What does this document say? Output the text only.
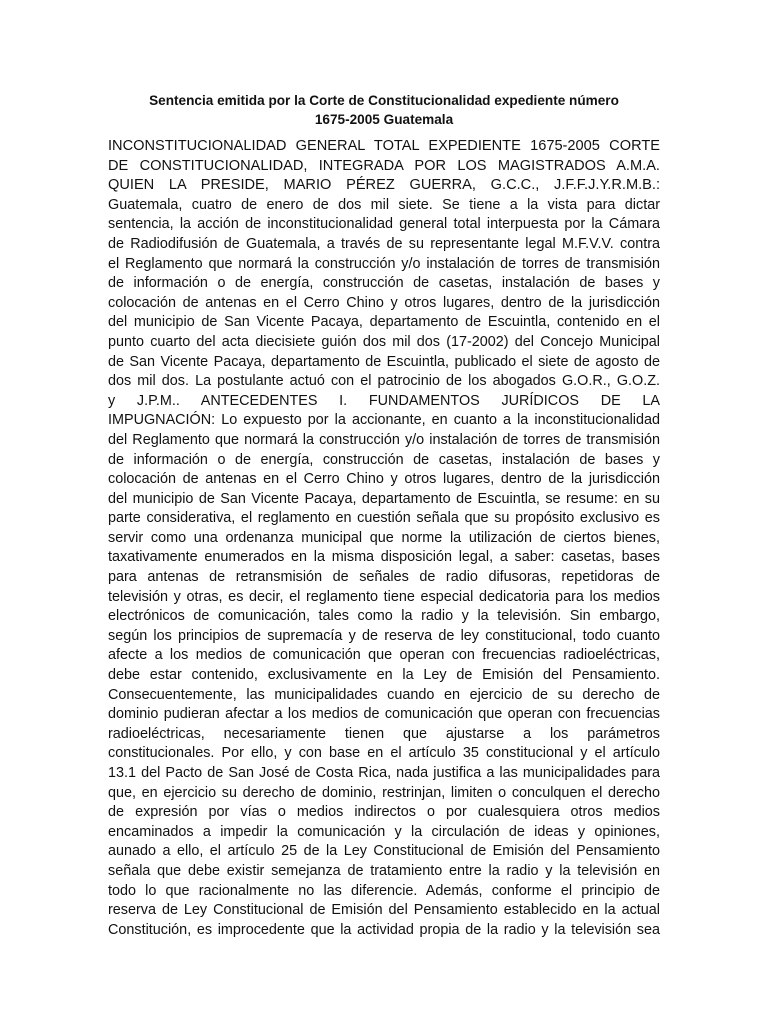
Sentencia emitida por la Corte de Constitucionalidad expediente número
1675-2005 Guatemala
INCONSTITUCIONALIDAD GENERAL TOTAL EXPEDIENTE 1675-2005 CORTE
DE CONSTITUCIONALIDAD, INTEGRADA POR LOS MAGISTRADOS A.M.A.
QUIEN LA PRESIDE, MARIO PÉREZ GUERRA, G.C.C., J.F.F.J.Y.R.M.B.:
Guatemala, cuatro de enero de dos mil siete. Se tiene a la vista para dictar
sentencia, la acción de inconstitucionalidad general total interpuesta por la Cámara
de Radiodifusión de Guatemala, a través de su representante legal M.F.V.V. contra
el Reglamento que normará la construcción y/o instalación de torres de transmisión
de información o de energía, construcción de casetas, instalación de bases y
colocación de antenas en el Cerro Chino y otros lugares, dentro de la jurisdicción
del municipio de San Vicente Pacaya, departamento de Escuintla, contenido en el
punto cuarto del acta diecisiete guión dos mil dos (17-2002) del Concejo Municipal
de San Vicente Pacaya, departamento de Escuintla, publicado el siete de agosto de
dos mil dos. La postulante actuó con el patrocinio de los abogados G.O.R., G.O.Z.
y J.P.M.. ANTECEDENTES I. FUNDAMENTOS JURÍDICOS DE LA
IMPUGNACIÓN: Lo expuesto por la accionante, en cuanto a la inconstitucionalidad
del Reglamento que normará la construcción y/o instalación de torres de transmisión
de información o de energía, construcción de casetas, instalación de bases y
colocación de antenas en el Cerro Chino y otros lugares, dentro de la jurisdicción
del municipio de San Vicente Pacaya, departamento de Escuintla, se resume: en su
parte considerativa, el reglamento en cuestión señala que su propósito exclusivo es
servir como una ordenanza municipal que norme la utilización de ciertos bienes,
taxativamente enumerados en la misma disposición legal, a saber: casetas, bases
para antenas de retransmisión de señales de radio difusoras, repetidoras de
televisión y otras, es decir, el reglamento tiene especial dedicatoria para los medios
electrónicos de comunicación, tales como la radio y la televisión. Sin embargo,
según los principios de supremacía y de reserva de ley constitucional, todo cuanto
afecte a los medios de comunicación que operan con frecuencias radioeléctricas,
debe estar contenido, exclusivamente en la Ley de Emisión del Pensamiento.
Consecuentemente, las municipalidades cuando en ejercicio de su derecho de
dominio pudieran afectar a los medios de comunicación que operan con frecuencias
radioeléctricas, necesariamente tienen que ajustarse a los parámetros
constitucionales. Por ello, y con base en el artículo 35 constitucional y el artículo
13.1 del Pacto de San José de Costa Rica, nada justifica a las municipalidades para
que, en ejercicio su derecho de dominio, restrinjan, limiten o conculquen el derecho
de expresión por vías o medios indirectos o por cualesquiera otros medios
encaminados a impedir la comunicación y la circulación de ideas y opiniones,
aunado a ello, el artículo 25 de la Ley Constitucional de Emisión del Pensamiento
señala que debe existir semejanza de tratamiento entre la radio y la televisión en
todo lo que racionalmente no las diferencie. Además, conforme el principio de
reserva de Ley Constitucional de Emisión del Pensamiento establecido en la actual
Constitución, es improcedente que la actividad propia de la radio y la televisión sea
